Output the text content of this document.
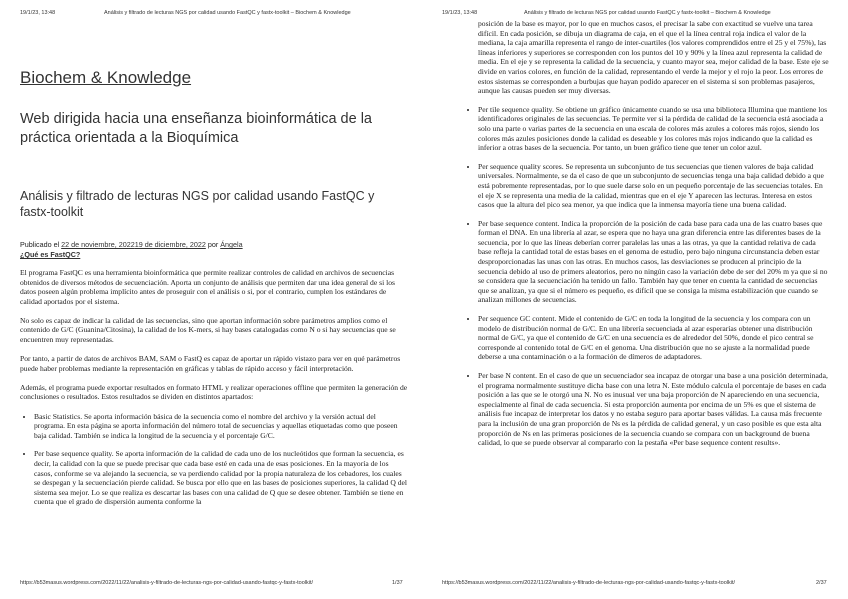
19/1/23, 13:48	Análisis y filtrado de lecturas NGS por calidad usando FastQC y fastx-toolkit – Biochem & Knowledge
Biochem & Knowledge
Web dirigida hacia una enseñanza bioinformática de la práctica orientada a la Bioquímica
Análisis y filtrado de lecturas NGS por calidad usando FastQC y fastx-toolkit
Publicado el 22 de noviembre, 202219 de diciembre, 2022 por Ángela
¿Qué es FastQC?

El programa FastQC es una herramienta bioinformática que permite realizar controles de calidad en archivos de secuencias obtenidos de diversos métodos de secuenciación. Aporta un conjunto de análisis que permiten dar una idea general de si los datos poseen algún problema implícito antes de proseguir con el análisis o si, por el contrario, cumplen los estándares de calidad aportados por el sistema.

No solo es capaz de indicar la calidad de las secuencias, sino que aportan información sobre parámetros amplios como el contenido de G/C (Guanina/Citosina), la calidad de los K-mers, si hay bases catalogadas como N o si hay secuencias que se encuentren muy representadas.

Por tanto, a partir de datos de archivos BAM, SAM o FastQ es capaz de aportar un rápido vistazo para ver en qué parámetros puede haber problemas mediante la representación en gráficas y tablas de rápido acceso y fácil interpretación.

Además, el programa puede exportar resultados en formato HTML y realizar operaciones offline que permiten la generación de conclusiones o resultados. Estos resultados se dividen en distintos apartados:

• Basic Statistics. Se aporta información básica de la secuencia como el nombre del archivo y la versión actual del programa. En esta página se aporta información del número total de secuencias y aquellas etiquetadas como que poseen baja calidad. También se indica la longitud de la secuencia y el porcentaje G/C.
• Per base sequence quality. Se aporta información de la calidad de cada uno de los nucleótidos que forman la secuencia, es decir, la calidad con la que se puede precisar que cada base esté en cada una de esas posiciones. En la mayoría de los casos, conforme se va alejando la secuencia, se va perdiendo calidad por la propia naturaleza de los cebadores, los cuales se despegan y la secuenciación pierde calidad. Se busca por ello que en las bases de posiciones superiores, la calidad Q del sistema sea mejor. Lo se que realiza es descartar las bases con una calidad de Q que se desee obtener. También se tiene en cuenta que el grado de dispersión aumenta conforme la
https://b53masus.wordpress.com/2022/11/22/analisis-y-filtrado-de-lecturas-ngs-por-calidad-usando-fastqc-y-fastx-toolkit/	1/37
19/1/23, 13:48	Análisis y filtrado de lecturas NGS por calidad usando FastQC y fastx-toolkit – Biochem & Knowledge
posición de la base es mayor, por lo que en muchos casos, el precisar la sabe con exactitud se vuelve una tarea difícil. En cada posición, se dibuja un diagrama de caja, en el que el la línea central roja indica el valor de la mediana, la caja amarilla representa el rango de inter-cuartiles (los valores comprendidos entre el 25 y el 75%), las líneas inferiores y superiores se corresponden con los puntos del 10 y 90% y la línea azul representa la calidad de media. En el eje y se representa la calidad de la secuencia, y cuanto mayor sea, mejor calidad de la base. Este eje se divide en varios colores, en función de la calidad, representando el verde la mejor y el rojo la peor. Los errores de estos sistemas se corresponden a burbujas que hayan podido aparecer en el sistema si son problemas pasajeros, aunque las causas pueden ser muy diversas.
• Per tile sequence quality. Se obtiene un gráfico únicamente cuando se usa una biblioteca Illumina que mantiene los identificadores originales de las secuencias. Te permite ver si la pérdida de calidad de la secuencia está asociada a solo una parte o varias partes de la secuencia en una escala de colores más azules a colores más rojos, siendo los colores más azules posiciones donde la calidad es deseable y los colores más rojos indicando que la calidad es inferior a otras bases de la secuencia. Por tanto, un buen gráfico tiene que tener un color azul.
• Per sequence quality scores. Se representa un subconjunto de tus secuencias que tienen valores de baja calidad universales. Normalmente, se da el caso de que un subconjunto de secuencias tenga una baja calidad debido a que está pobremente representadas, por lo que suele darse solo en un pequeño porcentaje de las secuencias totales. En el eje X se representa una media de la calidad, mientras que en el eje Y aparecen las lecturas. Interesa en estos casos que la altura del pico sea menor, ya que indica que la inmensa mayoría tiene una buena calidad.
• Per base sequence content. Indica la proporción de la posición de cada base para cada una de las cuatro bases que forman el DNA. En una librería al azar, se espera que no haya una gran diferencia entre las diferentes bases de la secuencia, por lo que las líneas deberían correr paralelas las unas a las otras, ya que la cantidad relativa de cada base refleja la cantidad total de estas bases en el genoma de estudio, pero bajo ninguna circunstancia deben estar desproporcionadas las unas con las otras. En muchos casos, las desviaciones se producen al principio de la secuencia debido al uso de primers aleatorios, pero no ningún caso la variación debe de ser del 20% m ya que si no se considera que la secuenciación ha tenido un fallo. También hay que tener en cuenta la cantidad de secuencias que se analizan, ya que si el número es pequeño, es difícil que se consiga la misma estabilización que cuando se analizan millones de secuencias.
• Per sequence GC content. Mide el contenido de G/C en toda la longitud de la secuencia y los compara con un modelo de distribución normal de G/C. En una librería secuenciada al azar esperarías obtener una distribución normal de G/C, ya que el contenido de G/C en una secuencia es de alrededor del 50%, donde el pico central se corresponde al contenido total de G/C en el genoma. Una distribución que no se ajuste a la normalidad puede deberse a una contaminación o a la formación de dímeros de adaptadores.
• Per base N content. En el caso de que un secuenciador sea incapaz de otorgar una base a una posición determinada, el programa normalmente sustituye dicha base con una letra N. Este módulo calcula el porcentaje de bases en cada posición a las que se le otorgó una N. No es inusual ver una baja proporción de N apareciendo en una secuencia, especialmente al final de cada secuencia. Si esta proporción aumenta por encima de un 5% es que el sistema de análisis fue incapaz de interpretar los datos y no estaba seguro para aportar bases válidas. La causa más frecuente para la inclusión de una gran proporción de Ns es la pérdida de calidad general, y un caso posible es que esta alta proporción de Ns en las primeras posiciones de la secuencia cuando se compara con un background de buena calidad, lo que se puede observar al compararlo con la pestaña «Per base sequence content results».
https://b53masus.wordpress.com/2022/11/22/analisis-y-filtrado-de-lecturas-ngs-por-calidad-usando-fastqc-y-fastx-toolkit/	2/37
